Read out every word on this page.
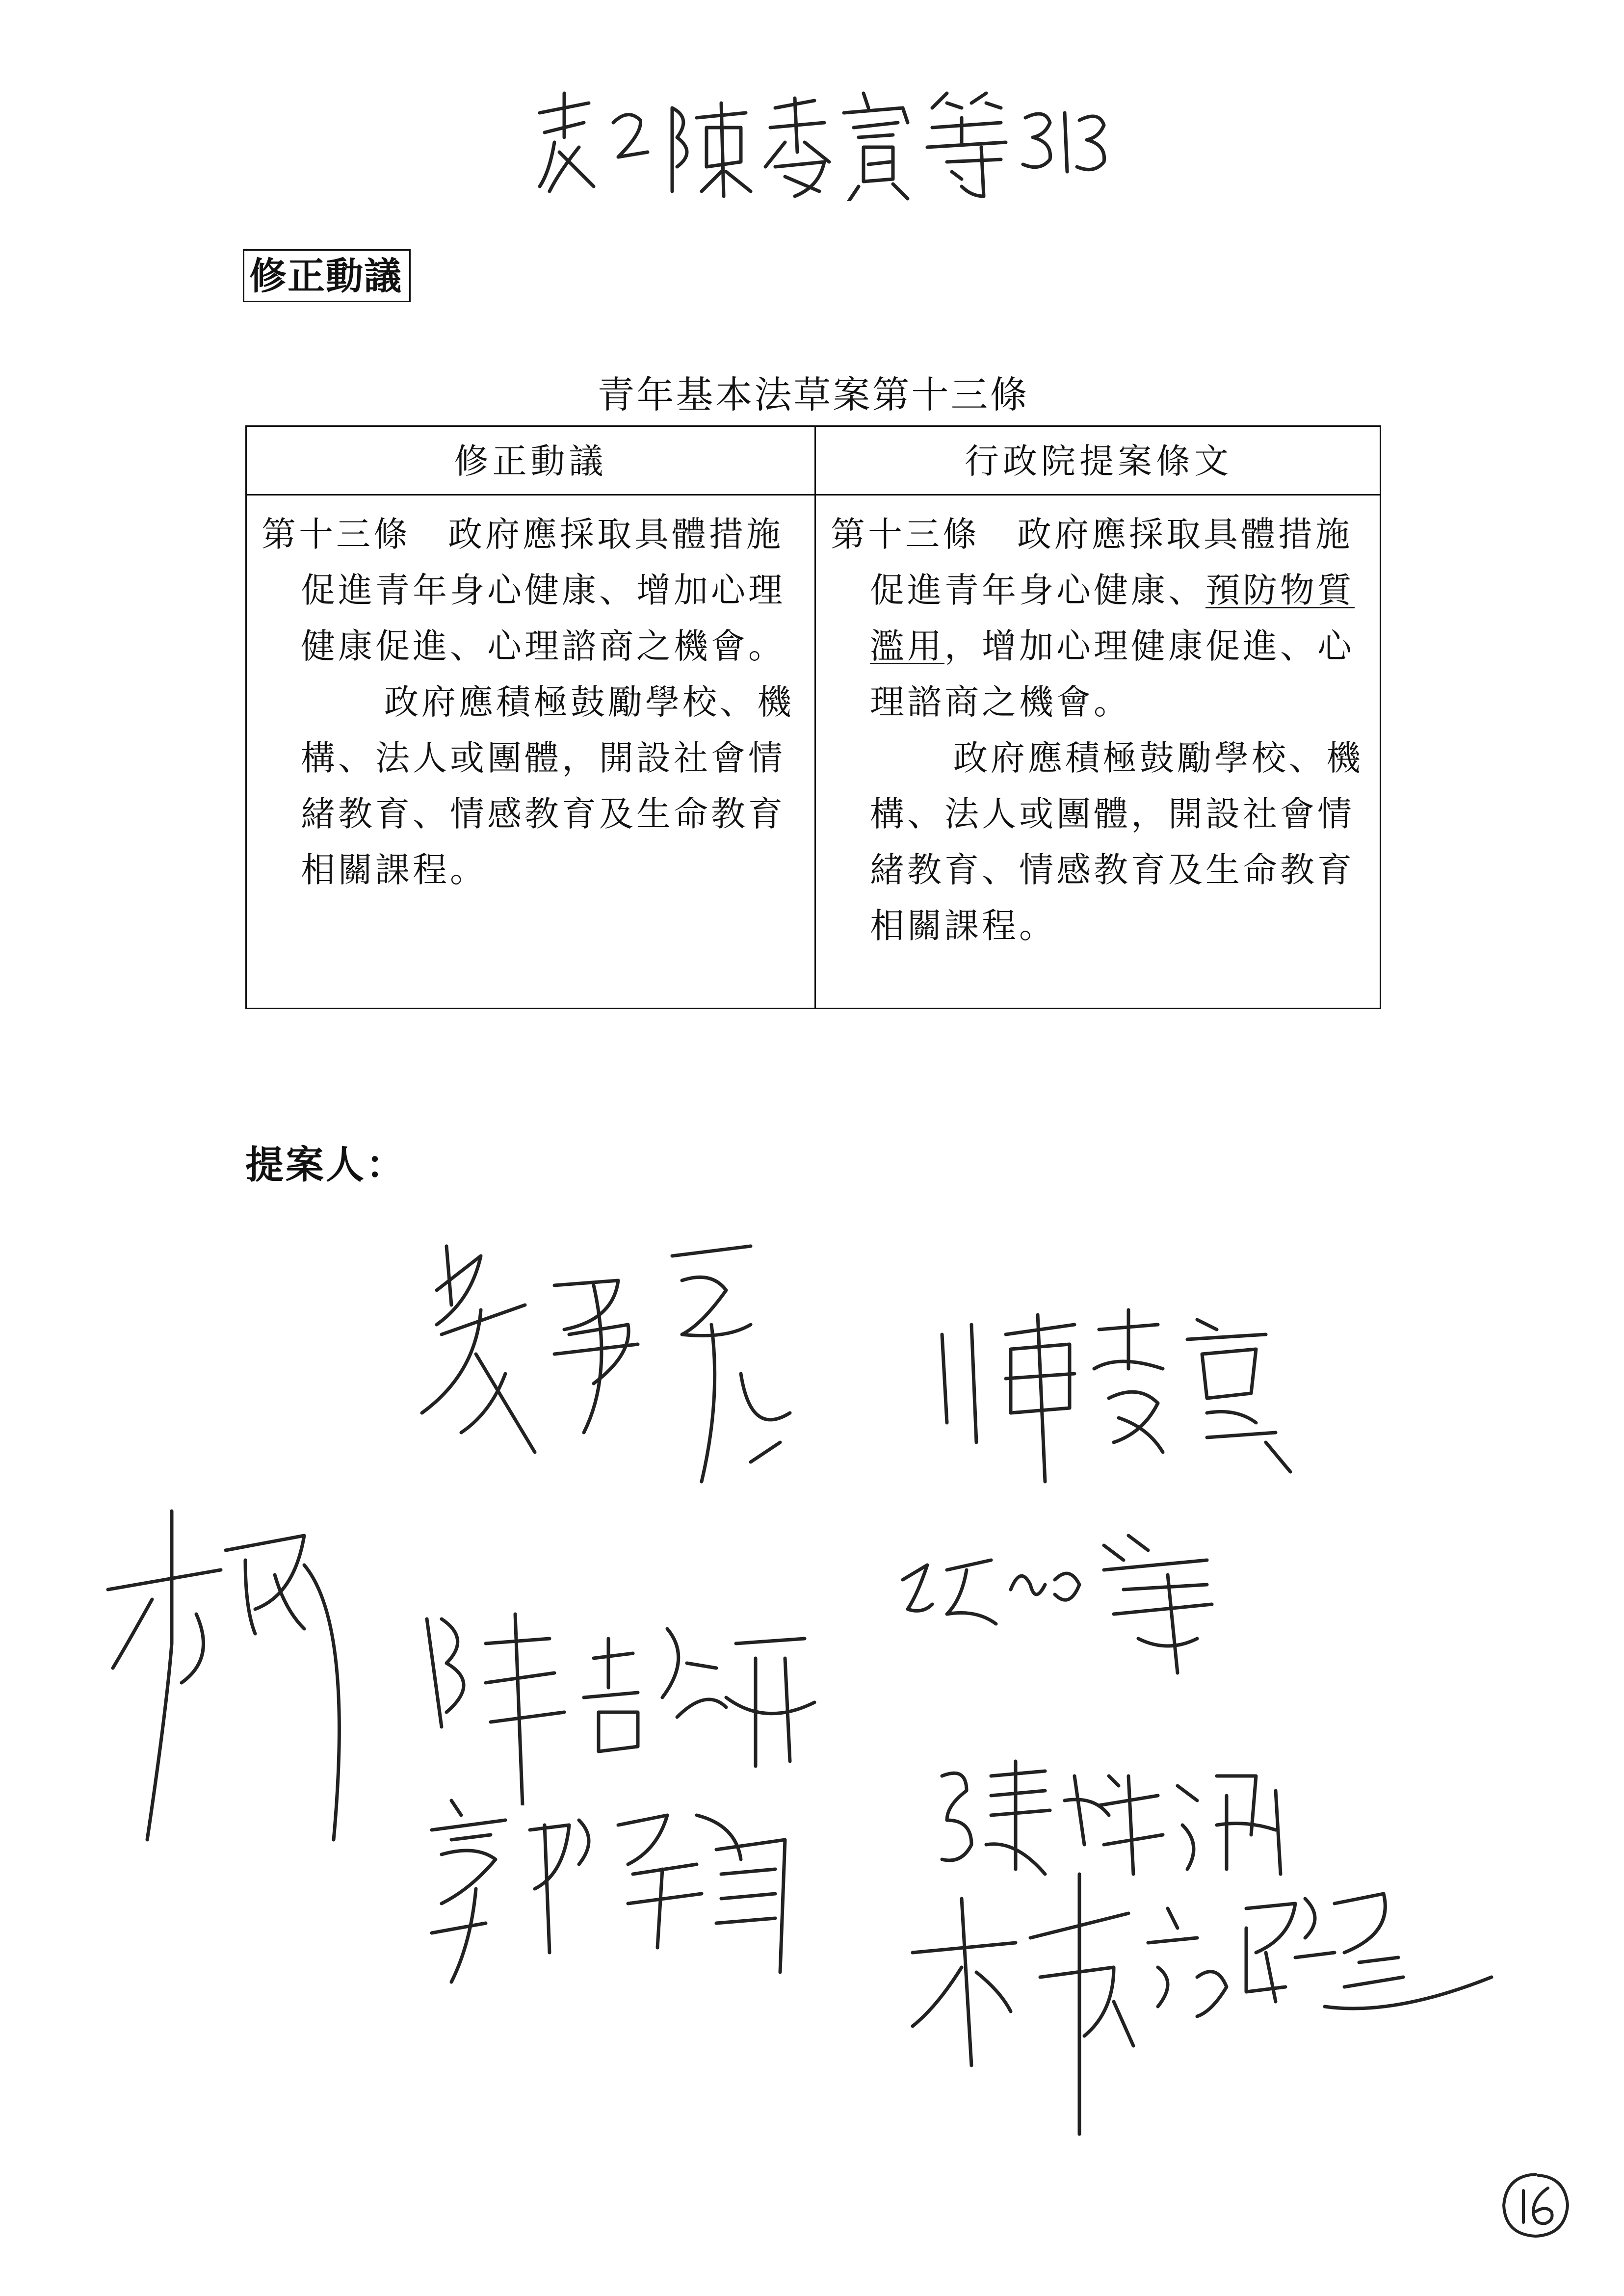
修正動議
青年基本法草案第十三條
修正動議	行政院提案條文

第十三條　政府應採取具體措施促進青年身心健康、增加心理健康促進、心理諮商之機會。

政府應積極鼓勵學校、機構、法人或團體，開設社會情緒教育、情感教育及生命教育相關課程。

第十三條　政府應採取具體措施促進青年身心健康、預防物質濫用，增加心理健康促進、心理諮商之機會。

政府應積極鼓勵學校、機構、法人或團體，開設社會情緒教育、情感教育及生命教育相關課程。

提案人：
